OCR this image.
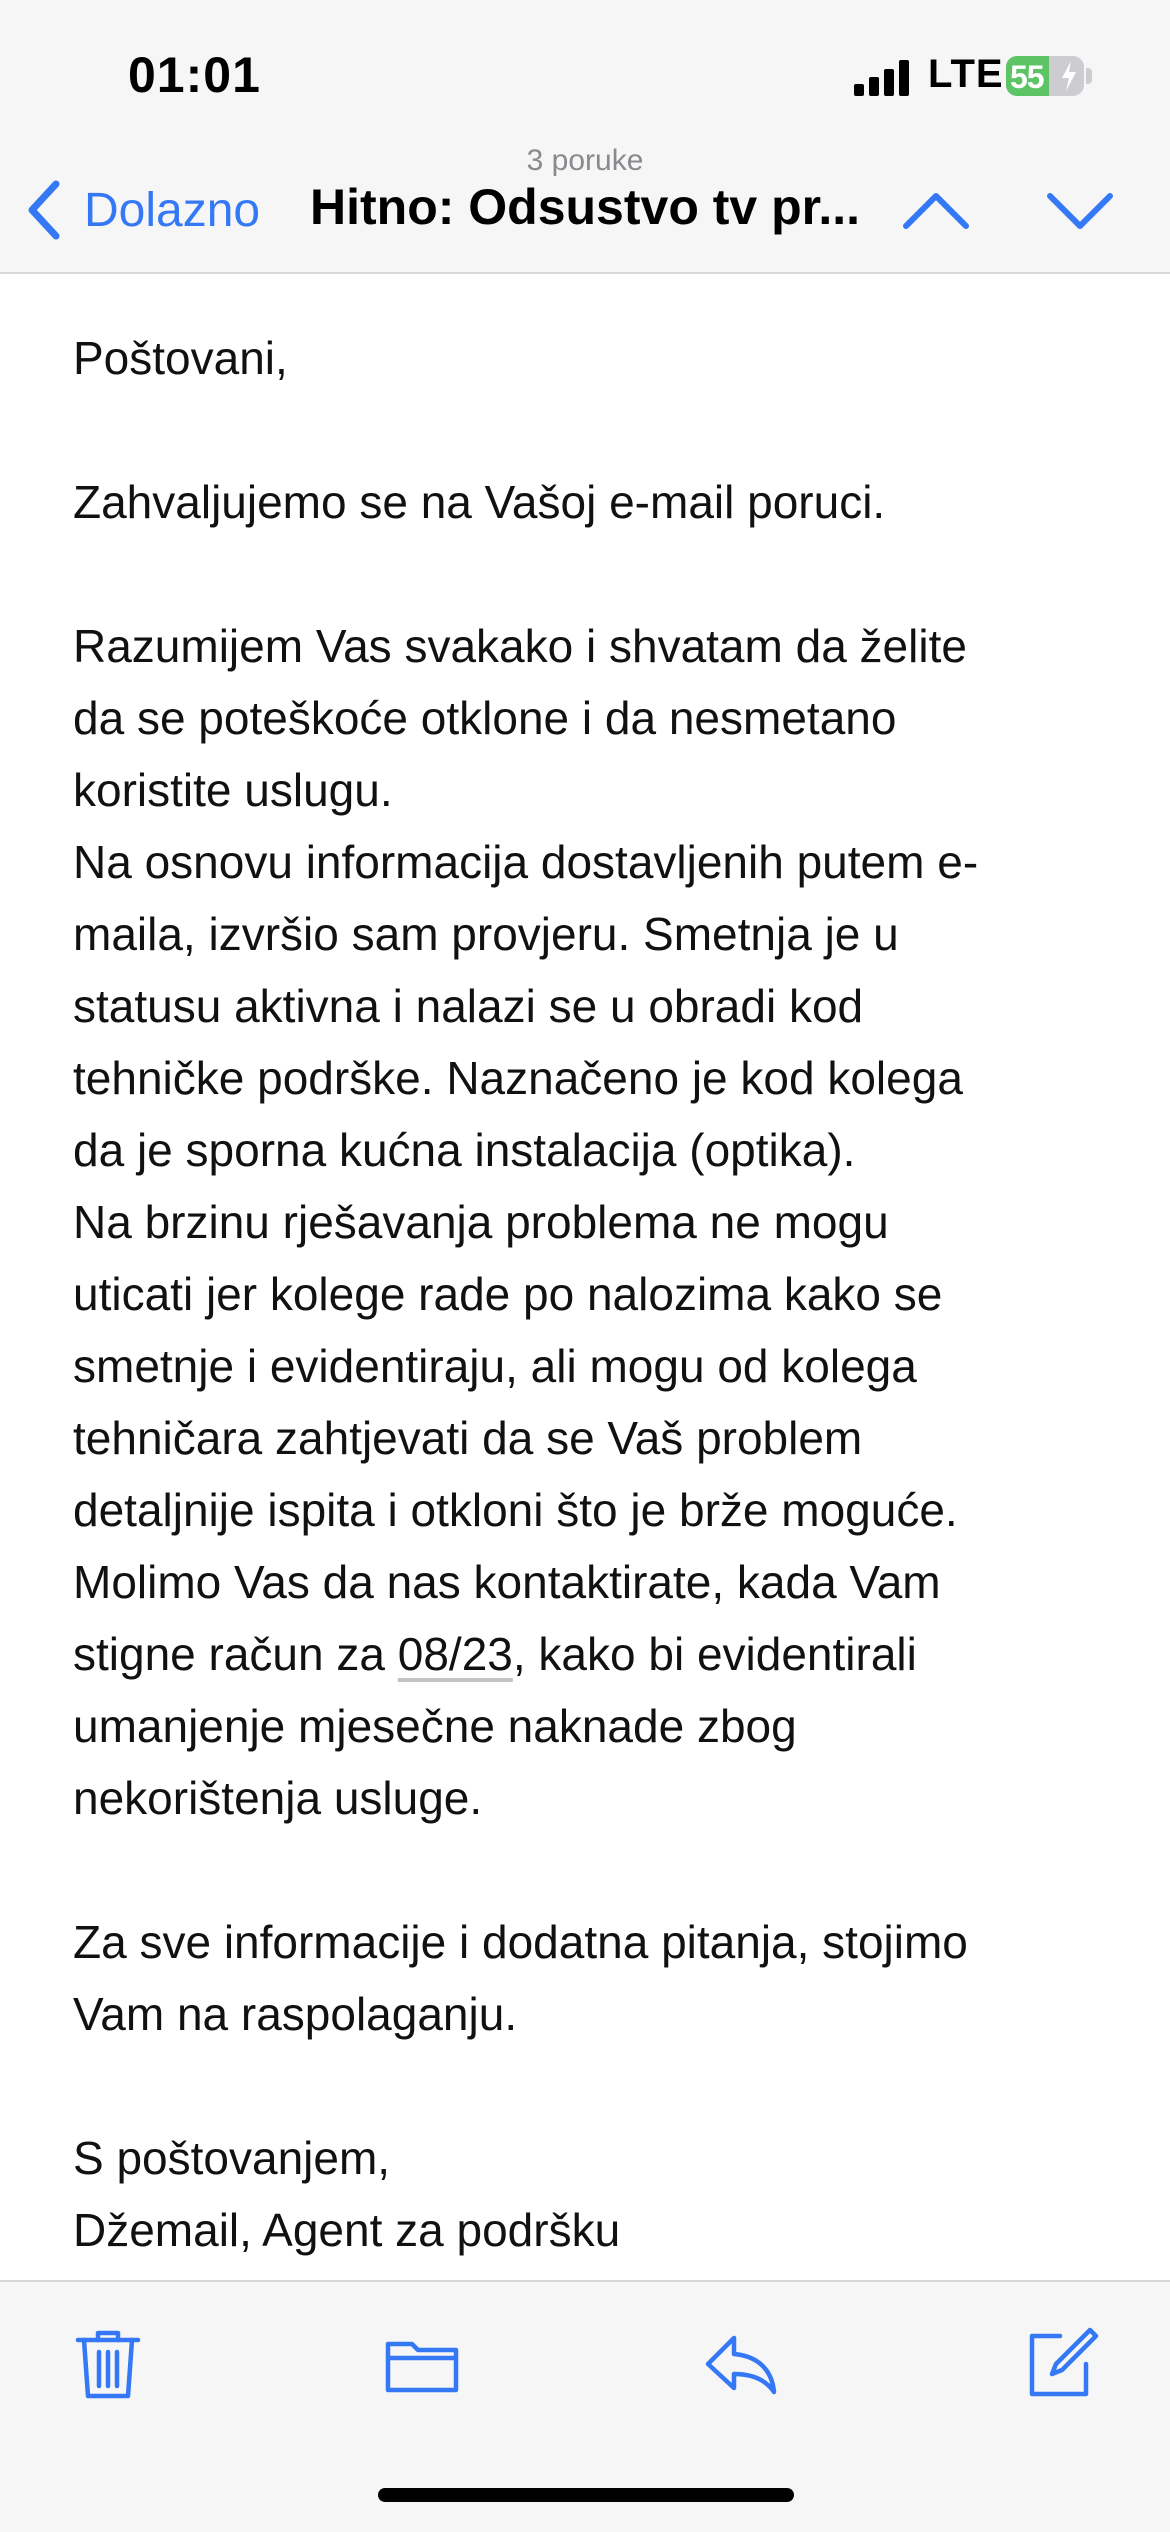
01:01	LTE 55
Dolazno
3 poruke
Hitno: Odsustvo tv pr...

Poštovani,

Zahvaljujemo se na Vašoj e-mail poruci.

Razumijem Vas svakako i shvatam da želite
da se poteškoće otklone i da nesmetano
koristite uslugu.
Na osnovu informacija dostavljenih putem e-
maila, izvršio sam provjeru. Smetnja je u
statusu aktivna i nalazi se u obradi kod
tehničke podrške. Naznačeno je kod kolega
da je sporna kućna instalacija (optika).
Na brzinu rješavanja problema ne mogu
uticati jer kolege rade po nalozima kako se
smetnje i evidentiraju, ali mogu od kolega
tehničara zahtjevati da se Vaš problem
detaljnije ispita i otkloni što je brže moguće.
Molimo Vas da nas kontaktirate, kada Vam
stigne račun za 08/23, kako bi evidentirali
umanjenje mjesečne naknade zbog
nekorištenja usluge.
Za sve informacije i dodatna pitanja, stojimo
Vam na raspolaganju.
S poštovanjem,
Džemail, Agent za podršku
